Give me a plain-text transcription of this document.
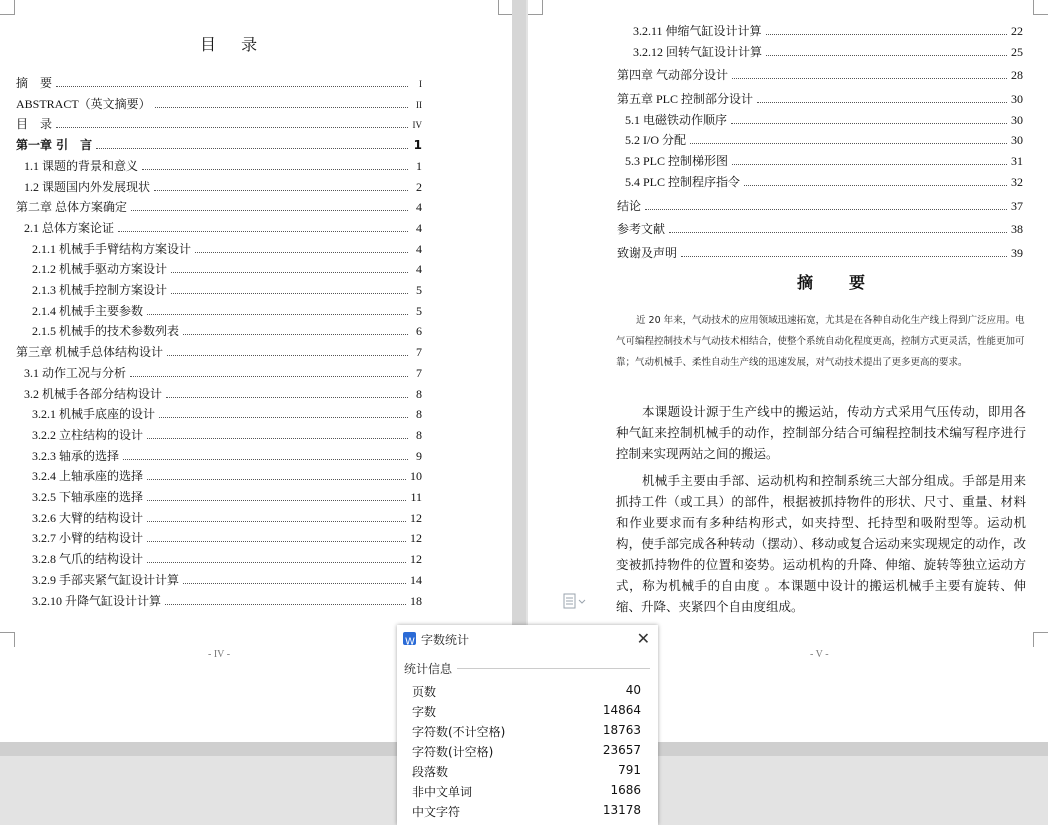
目 录
摘　要	I
ABSTRACT（英文摘要）	II
目　录	IV
第一章 引　言	1
1.1 课题的背景和意义	1
1.2 课题国内外发展现状	2
第二章 总体方案确定	4
2.1 总体方案论证	4
2.1.1 机械手手臂结构方案设计	4
2.1.2 机械手驱动方案设计	4
2.1.3 机械手控制方案设计	5
2.1.4 机械手主要参数	5
2.1.5 机械手的技术参数列表	6
第三章 机械手总体结构设计	7
3.1 动作工况与分析	7
3.2 机械手各部分结构设计	8
3.2.1 机械手底座的设计	8
3.2.2 立柱结构的设计	8
3.2.3 轴承的选择	9
3.2.4 上轴承座的选择	10
3.2.5 下轴承座的选择	11
3.2.6 大臂的结构设计	12
3.2.7 小臂的结构设计	12
3.2.8 气爪的结构设计	12
3.2.9 手部夹紧气缸设计计算	14
3.2.10 升降气缸设计计算	18
- IV -	- V -
3.2.11 伸缩气缸设计计算	22
3.2.12 回转气缸设计计算	25
第四章 气动部分设计	28
第五章 PLC 控制部分设计	30
5.1 电磁铁动作顺序	30
5.2 I/O 分配	30
5.3 PLC 控制梯形图	31
5.4 PLC 控制程序指令	32
结论	37
参考文献	38
致谢及声明	39
摘　要
近 20 年来，气动技术的应用领域迅速拓宽，尤其是在各种自动化生产线上得到广泛应用。电气可编程控制技术与气动技术相结合，使整个系统自动化程度更高，控制方式更灵活，性能更加可靠；气动机械手、柔性自动生产线的迅速发展，对气动技术提出了更多更高的要求。
本课题设计源于生产线中的搬运站，传动方式采用气压传动，即用各种气缸来控制机械手的动作，控制部分结合可编程控制技术编写程序进行控制来实现两站之间的搬运。
机械手主要由手部、运动机构和控制系统三大部分组成。手部是用来抓持工件（或工具）的部件，根据被抓持物件的形状、尺寸、重量、材料和作业要求而有多种结构形式，如夹持型、托持型和吸附型等。运动机构，使手部完成各种转动（摆动）、移动或复合运动来实现规定的动作，改变被抓持物件的位置和姿势。运动机构的升降、伸缩、旋转等独立运动方式，称为机械手的自由度 。本课题中设计的搬运机械手主要有旋转、伸缩、升降、夹紧四个自由度组成。
W 字数统计	✕
统计信息
页数	40
字数	14864
字符数(不计空格)	18763
字符数(计空格)	23657
段落数	791
非中文单词	1686
中文字符	13178
